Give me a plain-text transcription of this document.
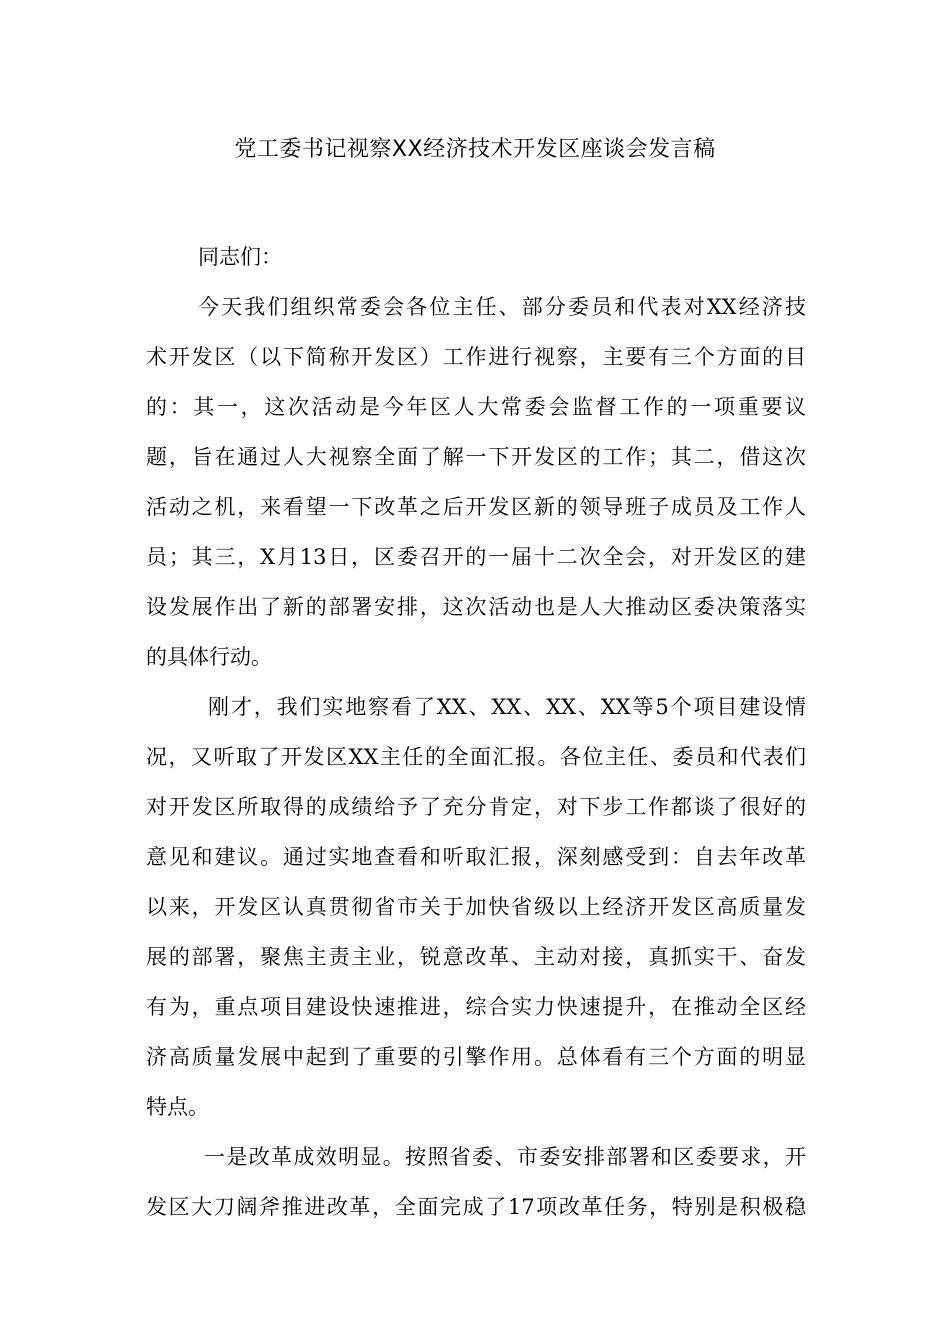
党工委书记视察XX经济技术开发区座谈会发言稿
同志们：
今天我们组织常委会各位主任、部分委员和代表对XX经济技
术开发区（以下简称开发区）工作进行视察，主要有三个方面的目
的：其一，这次活动是今年区人大常委会监督工作的一项重要议
题，旨在通过人大视察全面了解一下开发区的工作；其二，借这次
活动之机，来看望一下改革之后开发区新的领导班子成员及工作人
员；其三，X月13日，区委召开的一届十二次全会，对开发区的建
设发展作出了新的部署安排，这次活动也是人大推动区委决策落实
的具体行动。
刚才，我们实地察看了XX、XX、XX、XX等5个项目建设情
况，又听取了开发区XX主任的全面汇报。各位主任、委员和代表们
对开发区所取得的成绩给予了充分肯定，对下步工作都谈了很好的
意见和建议。通过实地查看和听取汇报，深刻感受到：自去年改革
以来，开发区认真贯彻省市关于加快省级以上经济开发区高质量发
展的部署，聚焦主责主业，锐意改革、主动对接，真抓实干、奋发
有为，重点项目建设快速推进，综合实力快速提升，在推动全区经
济高质量发展中起到了重要的引擎作用。总体看有三个方面的明显
特点。
一是改革成效明显。按照省委、市委安排部署和区委要求，开
发区大刀阔斧推进改革，全面完成了17项改革任务，特别是积极稳
